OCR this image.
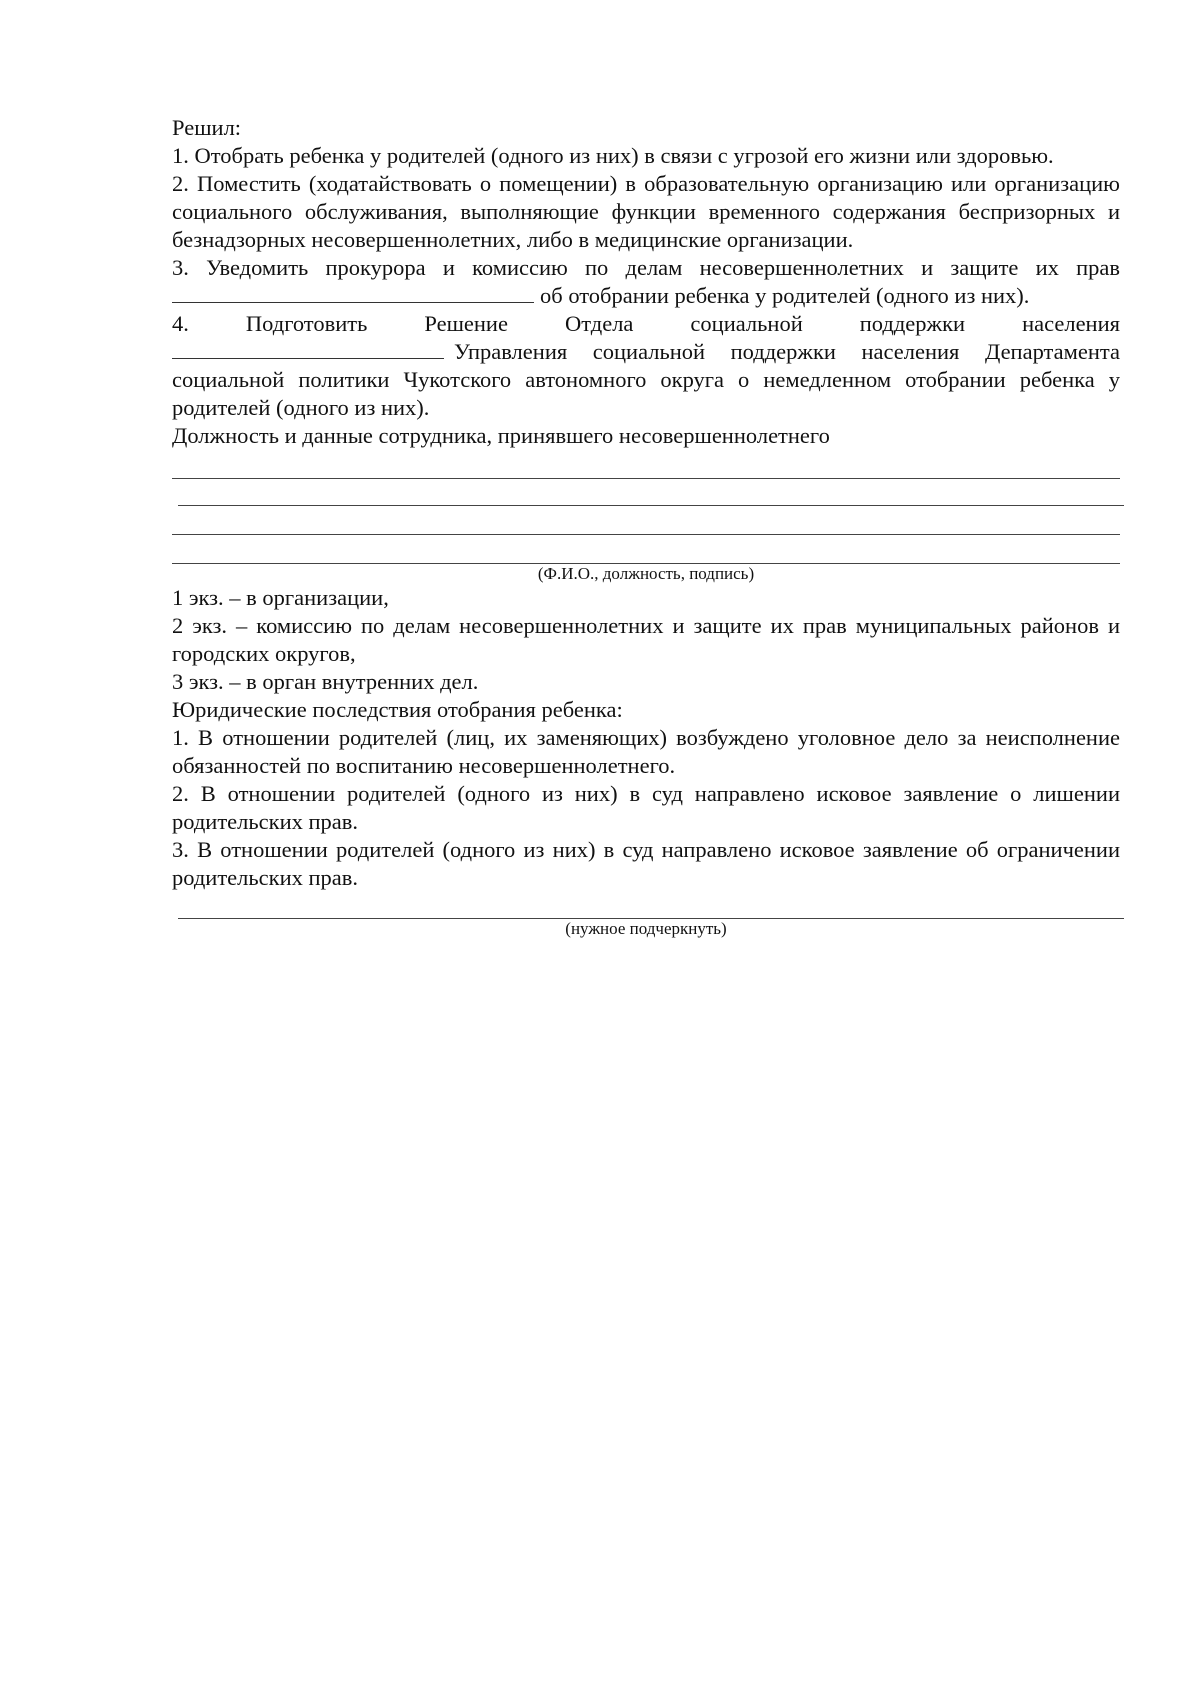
Решил:

1. Отобрать ребенка у родителей (одного из них) в связи с угрозой его жизни или здоровью.

2. Поместить (ходатайствовать о помещении) в образовательную организацию или организацию социального обслуживания, выполняющие функции временного содержания беспризорных и безнадзорных несовершеннолетних, либо в медицинские организации.

3. Уведомить прокурора и комиссию по делам несовершеннолетних и защите их прав
об отобрании ребенка у родителей (одного из них).

4. Подготовить Решение Отдела социальной поддержки населения
Управления социальной поддержки населения Департамента социальной политики Чукотского автономного округа о немедленном отобрании ребенка у родителей (одного из них).

Должность и данные сотрудника, принявшего несовершеннолетнего

(Ф.И.О., должность, подпись)

1 экз. – в организации,

2 экз. – комиссию по делам несовершеннолетних и защите их прав муниципальных районов и городских округов,

3 экз. – в орган внутренних дел.

Юридические последствия отобрания ребенка:

1. В отношении родителей (лиц, их заменяющих) возбуждено уголовное дело за неисполнение обязанностей по воспитанию несовершеннолетнего.

2. В отношении родителей (одного из них) в суд направлено исковое заявление о лишении родительских прав.

3. В отношении родителей (одного из них) в суд направлено исковое заявление об ограничении родительских прав.

(нужное подчеркнуть)
